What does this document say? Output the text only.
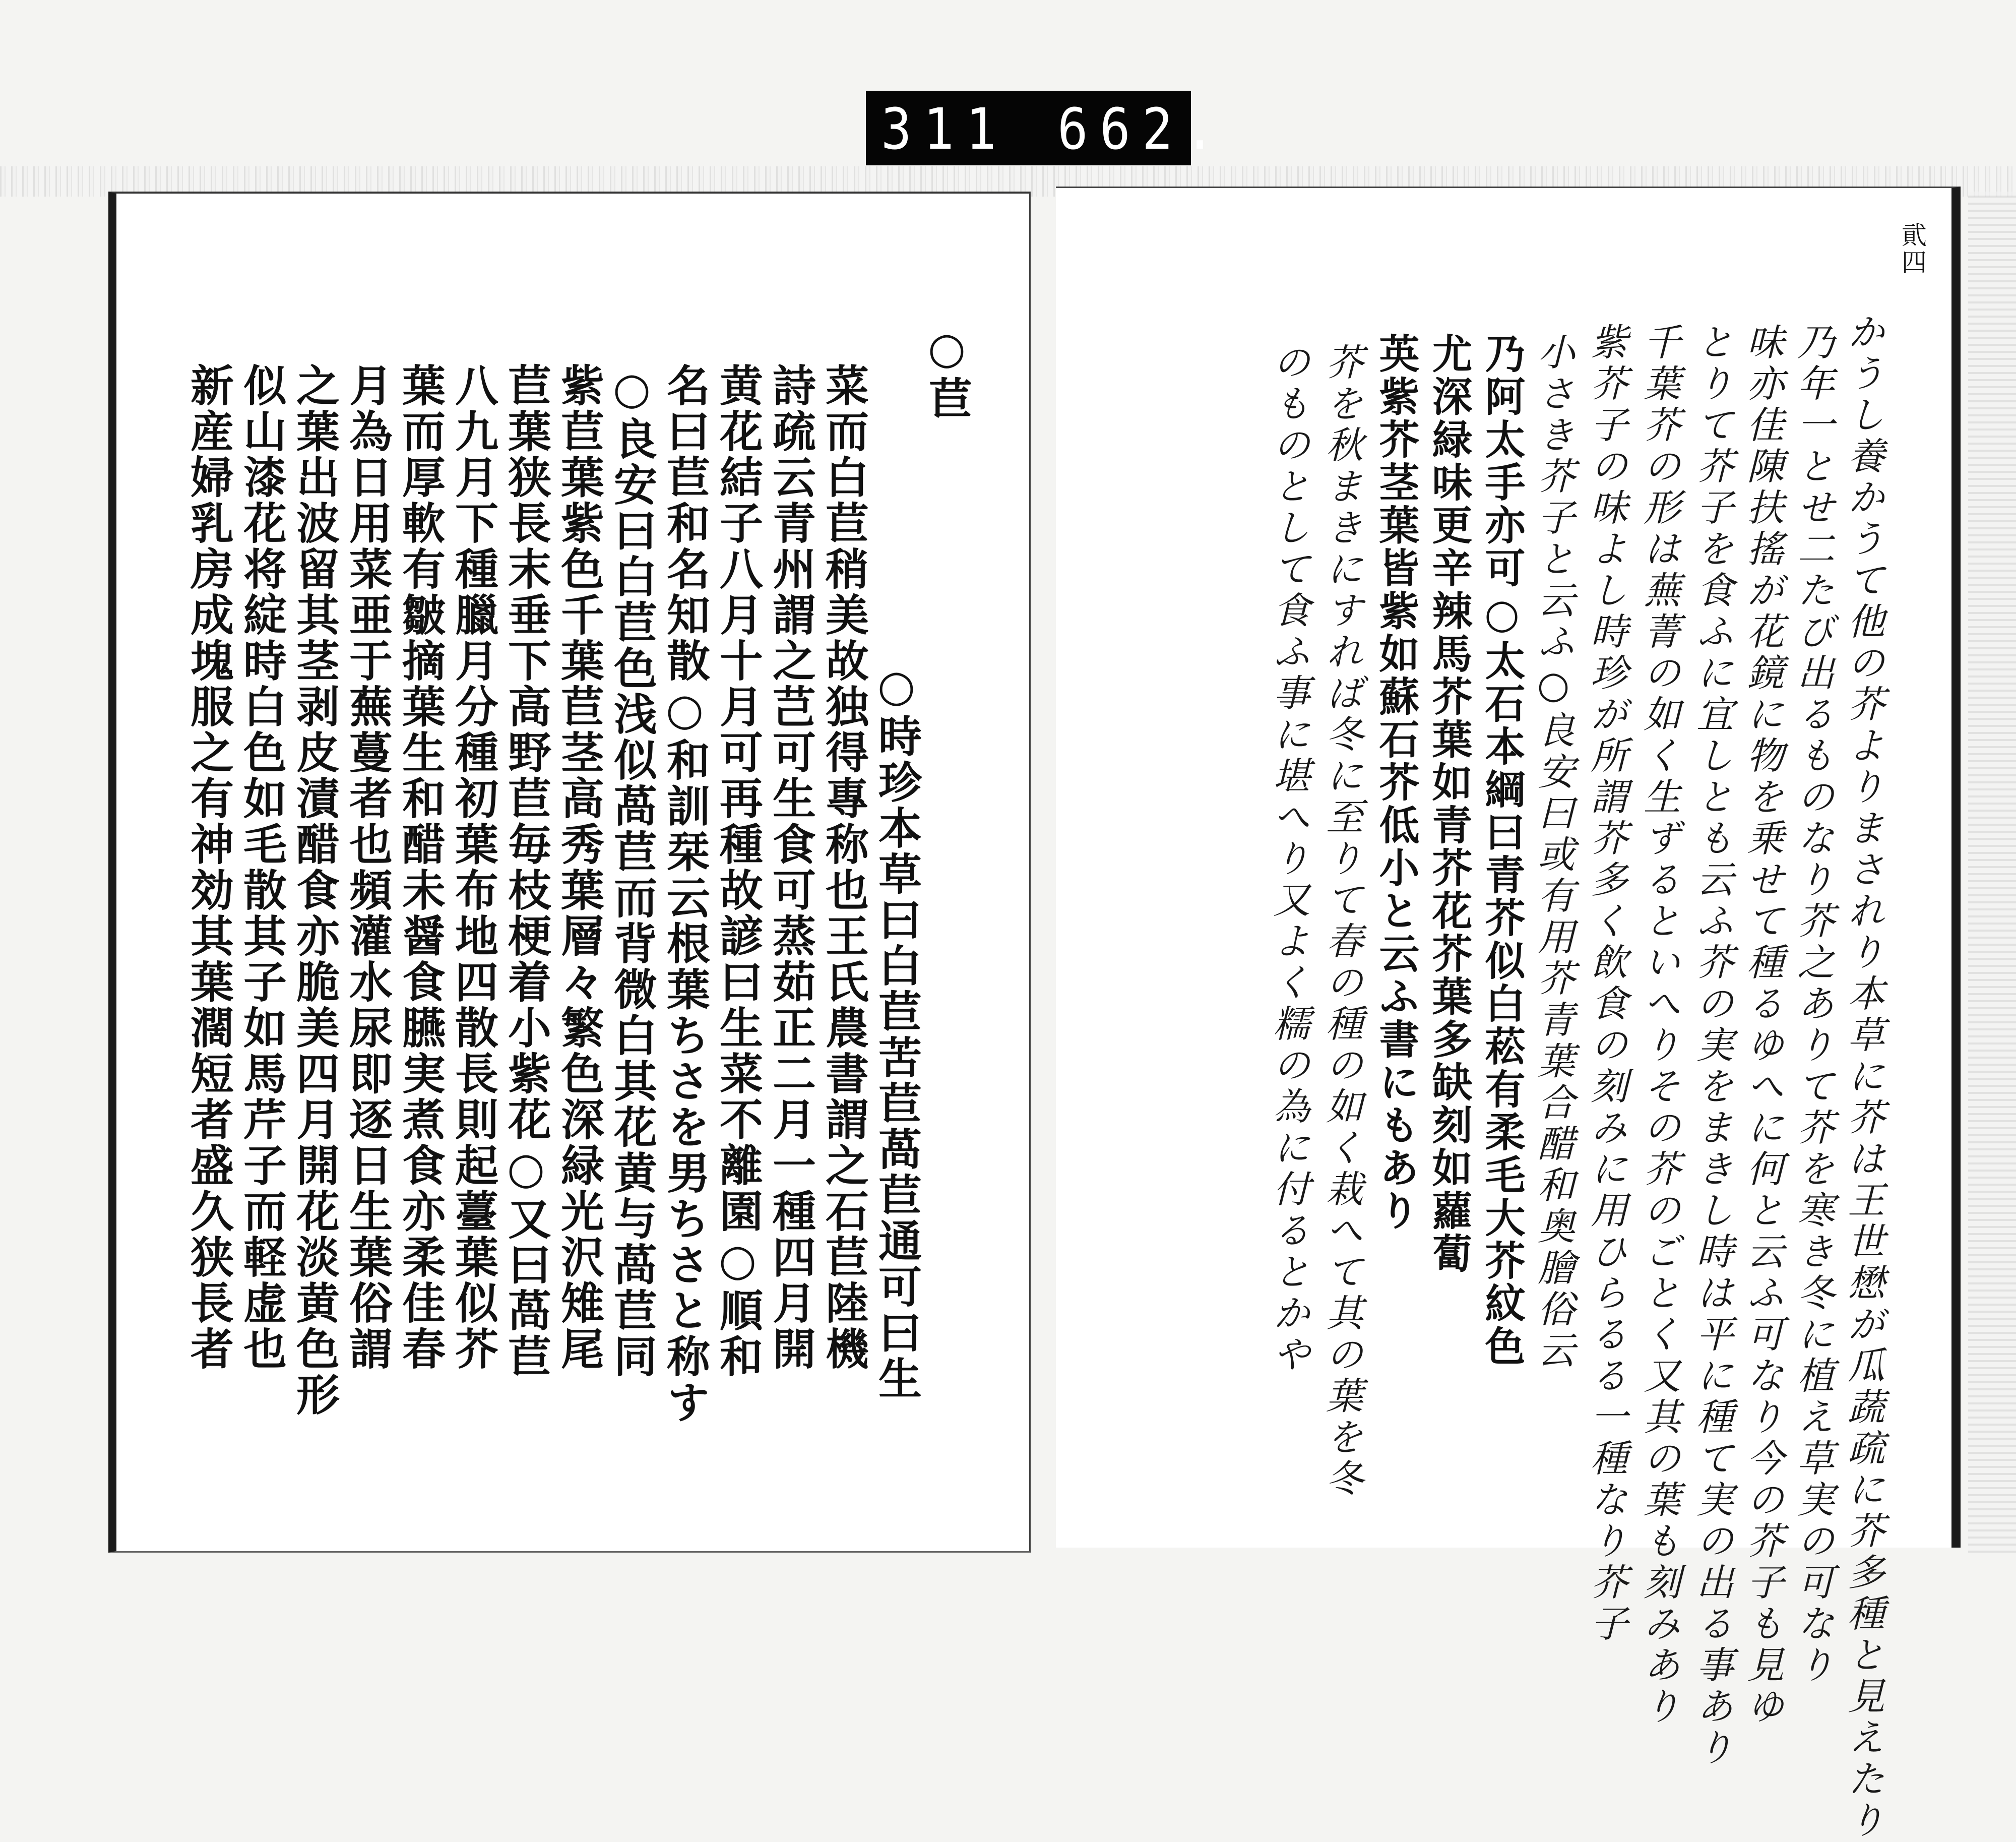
311 662.
○苣
○時珍本草曰白苣苦苣萵苣通可曰生
菜而白苣稍美故独得專称也王氏農書謂之石苣陸機
詩疏云青州謂之芑可生食可蒸茹正二月一種四月開
黄花結子八月十月可再種故諺曰生菜不離園○順和
名曰苣和名知散○和訓栞云根葉ちさを男ちさと称す
○良安曰白苣色浅似萵苣而背微白其花黄与萵苣同
紫苣葉紫色千葉苣茎高秀葉層々繁色深緑光沢雉尾
苣葉狭長末垂下高野苣毎枝梗着小紫花○又曰萵苣
八九月下種臘月分種初葉布地四散長則起薹葉似芥
葉而厚軟有皺摘葉生和醋未醤食臙実煮食亦柔佳春
月為日用菜亜于蕪蔓者也頻灌水尿即逐日生葉俗謂
之葉出波留其茎剥皮漬醋食亦脆美四月開花淡黄色形
似山漆花将綻時白色如毛散其子如馬芹子而軽虚也
新産婦乳房成塊服之有神効其葉濶短者盛久狭長者
貮四
かうし養かうて他の芥よりまされり本草に芥は王世懋が瓜蔬疏に芥多種と見えたり
乃年一とせ二たび出るものなり芥之ありて芥を寒き冬に植え草実の可なり
味亦佳陳扶搖が花鏡に物を乗せて種るゆへに何と云ふ可なり今の芥子も見ゆ
とりて芥子を食ふに宜しとも云ふ芥の実をまきし時は平に種て実の出る事あり
千葉芥の形は蕪菁の如く生ずるといへりその芥のごとく又其の葉も刻みあり
紫芥子の味よし時珍が所謂芥多く飲食の刻みに用ひらるる一種なり芥子
小さき芥子と云ふ○良安曰或有用芥青葉合醋和奥膾俗云
乃阿太手亦可○太石本綱曰青芥似白菘有柔毛大芥紋色
尤深緑味更辛辣馬芥葉如青芥花芥葉多缺刻如蘿蔔
英紫芥茎葉皆紫如蘇石芥低小と云ふ書にもあり
芥を秋まきにすれば冬に至りて春の種の如く栽へて其の葉を冬
のものとして食ふ事に堪へり又よく糯の為に付るとかや
